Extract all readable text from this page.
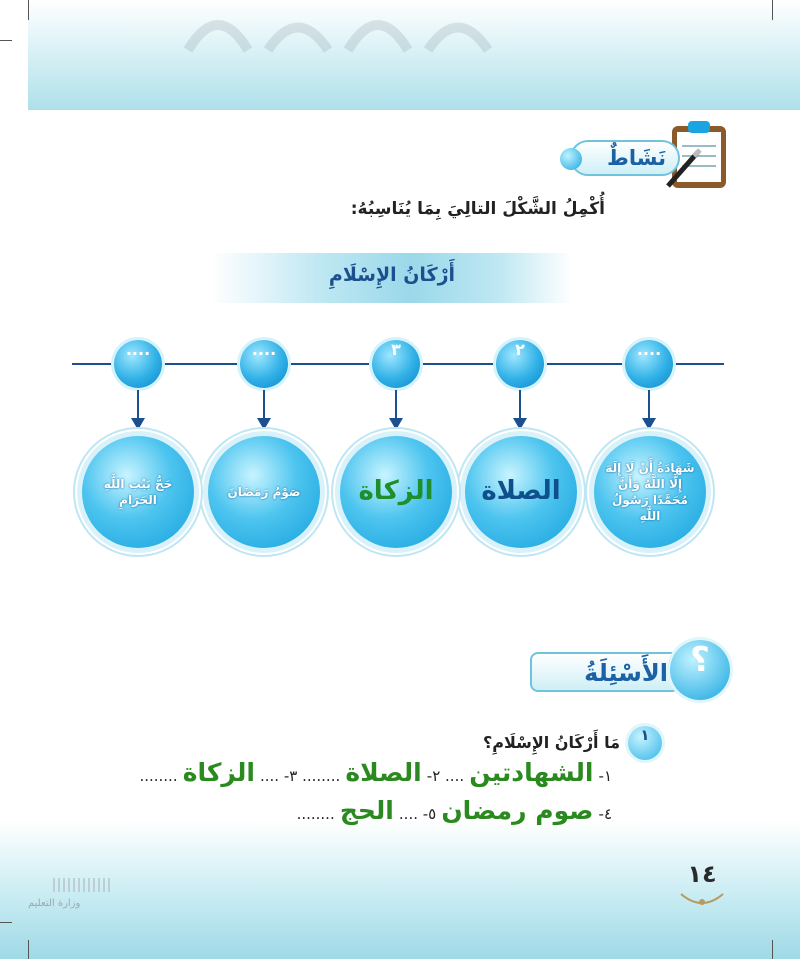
نَشَاطٌ
أُكْمِلُ الشَّكْلَ التالِيَ بِمَا يُنَاسِبُهُ:
أَرْكَانُ الإِسْلَامِ
....
٢
٣
....
....
شَهَادَةُ أَنْ لَا إِلَهَ إِلَّا اللَّهُ وَأَنَّ مُحَمَّدًا رَسُولُ اللَّهِ
الصلاة
الزكاة
صَوْمُ رَمَضَانَ
حَجُّ بَيْتِ اللَّهِ الحَرَامِ
الأَسْئِلَةُ ؟
١
مَا أَرْكَانُ الإِسْلَامِ؟
١- الشهادتين .... ٢- الصلاة ........ ٣- .... الزكاة ........
٤- صوم رمضان ٥- .... الحج ........
١٤
وزارة التعليم
